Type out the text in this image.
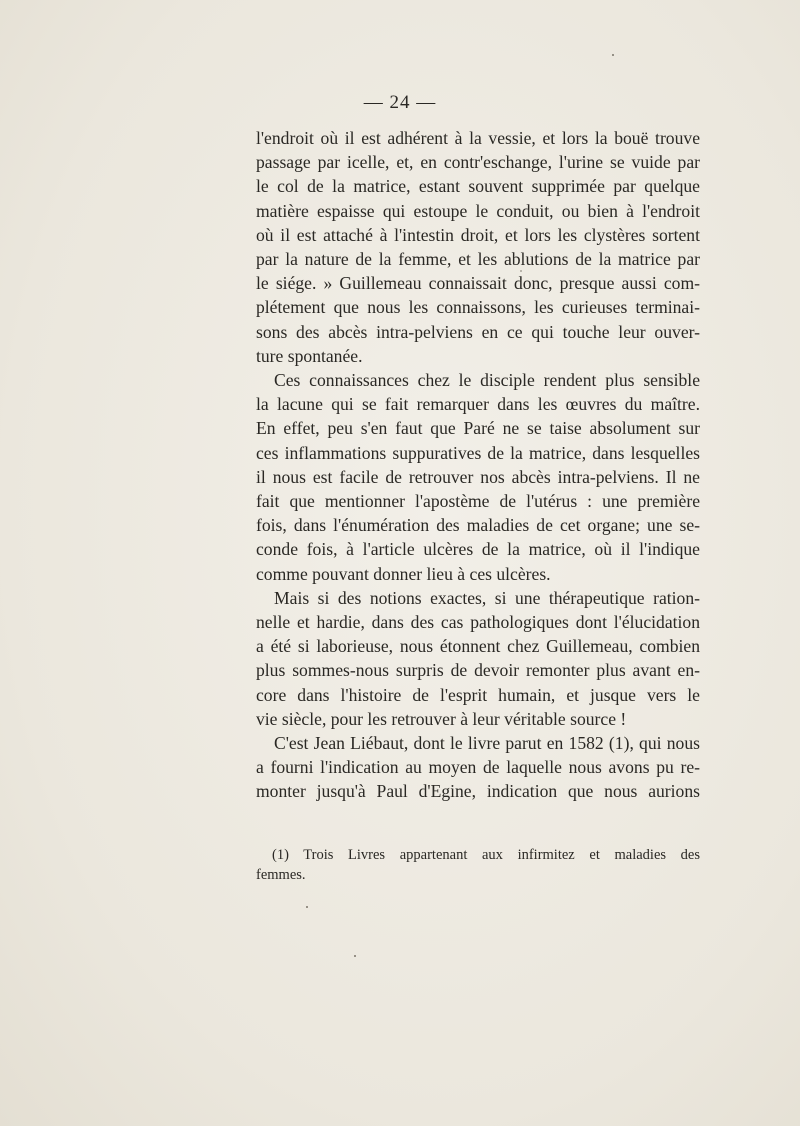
— 24 —
l'endroit où il est adhérent à la vessie, et lors la bouë trouve
passage par icelle, et, en contr'eschange, l'urine se vuide par
le col de la matrice, estant souvent supprimée par quelque
matière espaisse qui estoupe le conduit, ou bien à l'endroit
où il est attaché à l'intestin droit, et lors les clystères sortent
par la nature de la femme, et les ablutions de la matrice par
le siége. » Guillemeau connaissait donc, presque aussi com-
plétement que nous les connaissons, les curieuses terminai-
sons des abcès intra-pelviens en ce qui touche leur ouver-
ture spontanée.
Ces connaissances chez le disciple rendent plus sensible
la lacune qui se fait remarquer dans les œuvres du maître.
En effet, peu s'en faut que Paré ne se taise absolument sur
ces inflammations suppuratives de la matrice, dans lesquelles
il nous est facile de retrouver nos abcès intra-pelviens. Il ne
fait que mentionner l'apostème de l'utérus : une première
fois, dans l'énumération des maladies de cet organe; une se-
conde fois, à l'article ulcères de la matrice, où il l'indique
comme pouvant donner lieu à ces ulcères.
Mais si des notions exactes, si une thérapeutique ration-
nelle et hardie, dans des cas pathologiques dont l'élucidation
a été si laborieuse, nous étonnent chez Guillemeau, combien
plus sommes-nous surpris de devoir remonter plus avant en-
core dans l'histoire de l'esprit humain, et jusque vers le
vie siècle, pour les retrouver à leur véritable source !
C'est Jean Liébaut, dont le livre parut en 1582 (1), qui nous
a fourni l'indication au moyen de laquelle nous avons pu re-
monter jusqu'à Paul d'Egine, indication que nous aurions
(1) Trois Livres appartenant aux infirmitez et maladies des
femmes.
